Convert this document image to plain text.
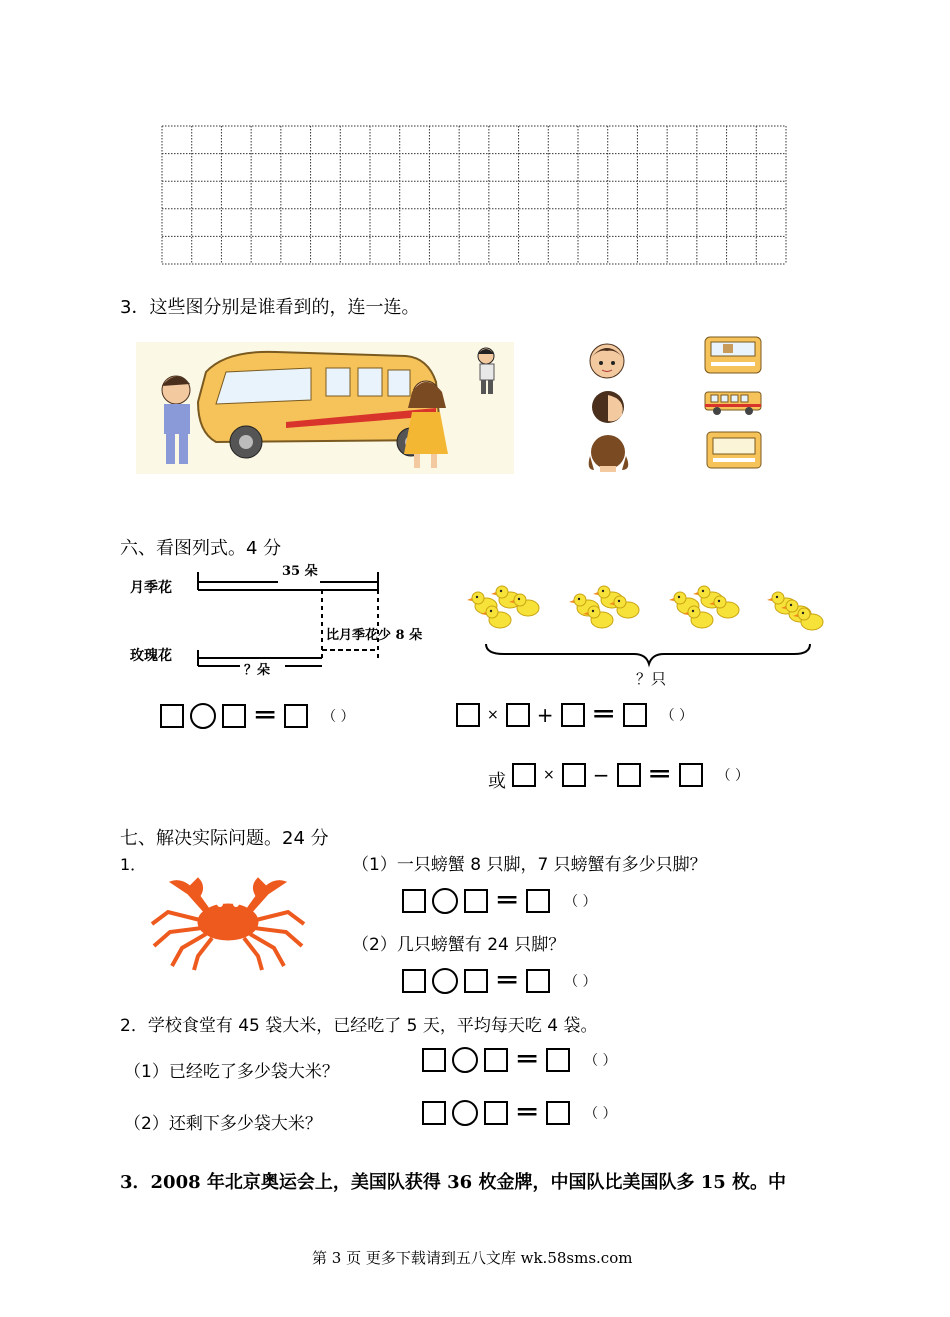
3．这些图分别是谁看到的，连一连。
六、看图列式。4 分
月季花
玫瑰花
35 朵
比月季花少 8 朵
？朵	？只
═	（ ）	× + ═	（ ）
或	× − ═	（ ）
七、解决实际问题。24 分
1．	（1）一只螃蟹 8 只脚，7 只螃蟹有多少只脚？
═	（ ）
（2）几只螃蟹有 24 只脚？
═	（ ）
2．学校食堂有 45 袋大米，已经吃了 5 天，平均每天吃 4 袋。
（1）已经吃了多少袋大米？	═	（ ）
（2）还剩下多少袋大米？	═	（ ）
3．2008 年北京奥运会上，美国队获得 36 枚金牌，中国队比美国队多 15 枚。中
第 3 页 更多下载请到五八文库 wk.58sms.com
